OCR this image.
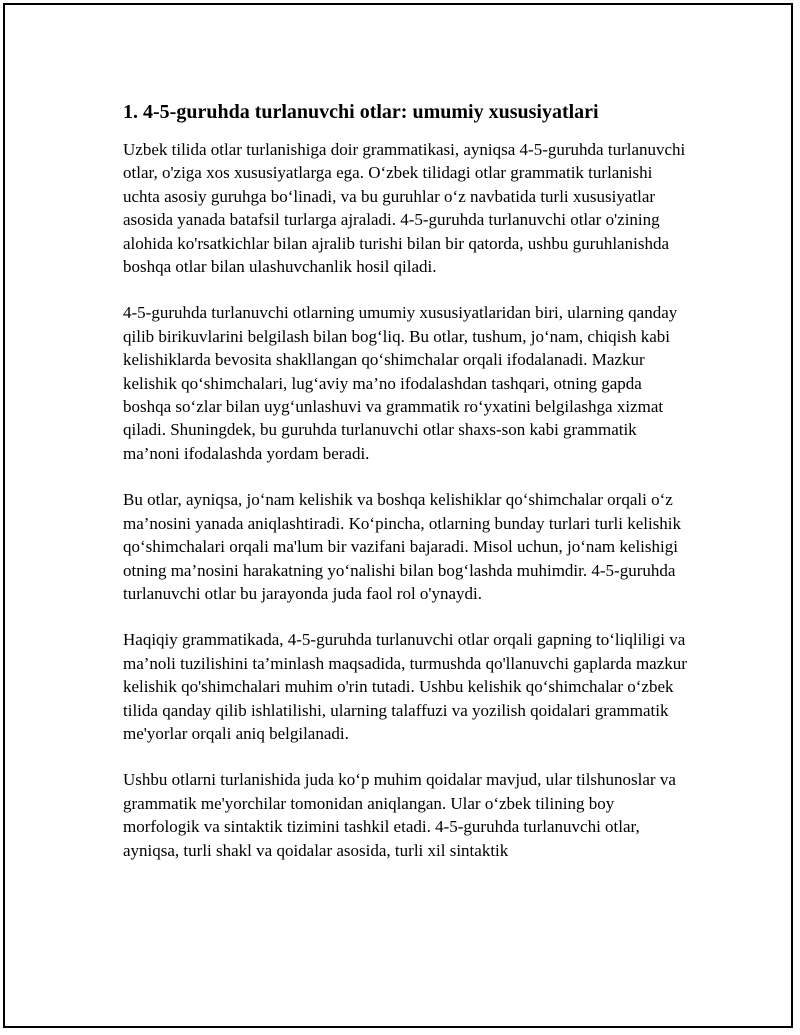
1. 4-5-guruhda turlanuvchi otlar: umumiy xususiyatlari

Uzbek tilida otlar turlanishiga doir grammatikasi, ayniqsa 4-5-guruhda turlanuvchi otlar, o'ziga xos xususiyatlarga ega. O‘zbek tilidagi otlar grammatik turlanishi uchta asosiy guruhga bo‘linadi, va bu guruhlar o‘z navbatida turli xususiyatlar asosida yanada batafsil turlarga ajraladi. 4-5-guruhda turlanuvchi otlar o'zining alohida ko'rsatkichlar bilan ajralib turishi bilan bir qatorda, ushbu guruhlanishda boshqa otlar bilan ulashuvchanlik hosil qiladi.

4-5-guruhda turlanuvchi otlarning umumiy xususiyatlaridan biri, ularning qanday qilib birikuvlarini belgilash bilan bog‘liq. Bu otlar, tushum, jo‘nam, chiqish kabi kelishiklarda bevosita shakllangan qo‘shimchalar orqali ifodalanadi. Mazkur kelishik qo‘shimchalari, lug‘aviy ma’no ifodalashdan tashqari, otning gapda boshqa so‘zlar bilan uyg‘unlashuvi va grammatik ro‘yxatini belgilashga xizmat qiladi. Shuningdek, bu guruhda turlanuvchi otlar shaxs-son kabi grammatik ma’noni ifodalashda yordam beradi.

Bu otlar, ayniqsa, jo‘nam kelishik va boshqa kelishiklar qo‘shimchalar orqali o‘z ma’nosini yanada aniqlashtiradi. Ko‘pincha, otlarning bunday turlari turli kelishik qo‘shimchalari orqali ma'lum bir vazifani bajaradi. Misol uchun, jo‘nam kelishigi otning ma’nosini harakatning yo‘nalishi bilan bog‘lashda muhimdir. 4-5-guruhda turlanuvchi otlar bu jarayonda juda faol rol o'ynaydi.

Haqiqiy grammatikada, 4-5-guruhda turlanuvchi otlar orqali gapning to‘liqliligi va ma’noli tuzilishini ta’minlash maqsadida, turmushda qo'llanuvchi gaplarda mazkur kelishik qo'shimchalari muhim o'rin tutadi. Ushbu kelishik qo‘shimchalar o‘zbek tilida qanday qilib ishlatilishi, ularning talaffuzi va yozilish qoidalari grammatik me'yorlar orqali aniq belgilanadi.

Ushbu otlarni turlanishida juda ko‘p muhim qoidalar mavjud, ular tilshunoslar va grammatik me'yorchilar tomonidan aniqlangan. Ular o‘zbek tilining boy morfologik va sintaktik tizimini tashkil etadi. 4-5-guruhda turlanuvchi otlar, ayniqsa, turli shakl va qoidalar asosida, turli xil sintaktik
